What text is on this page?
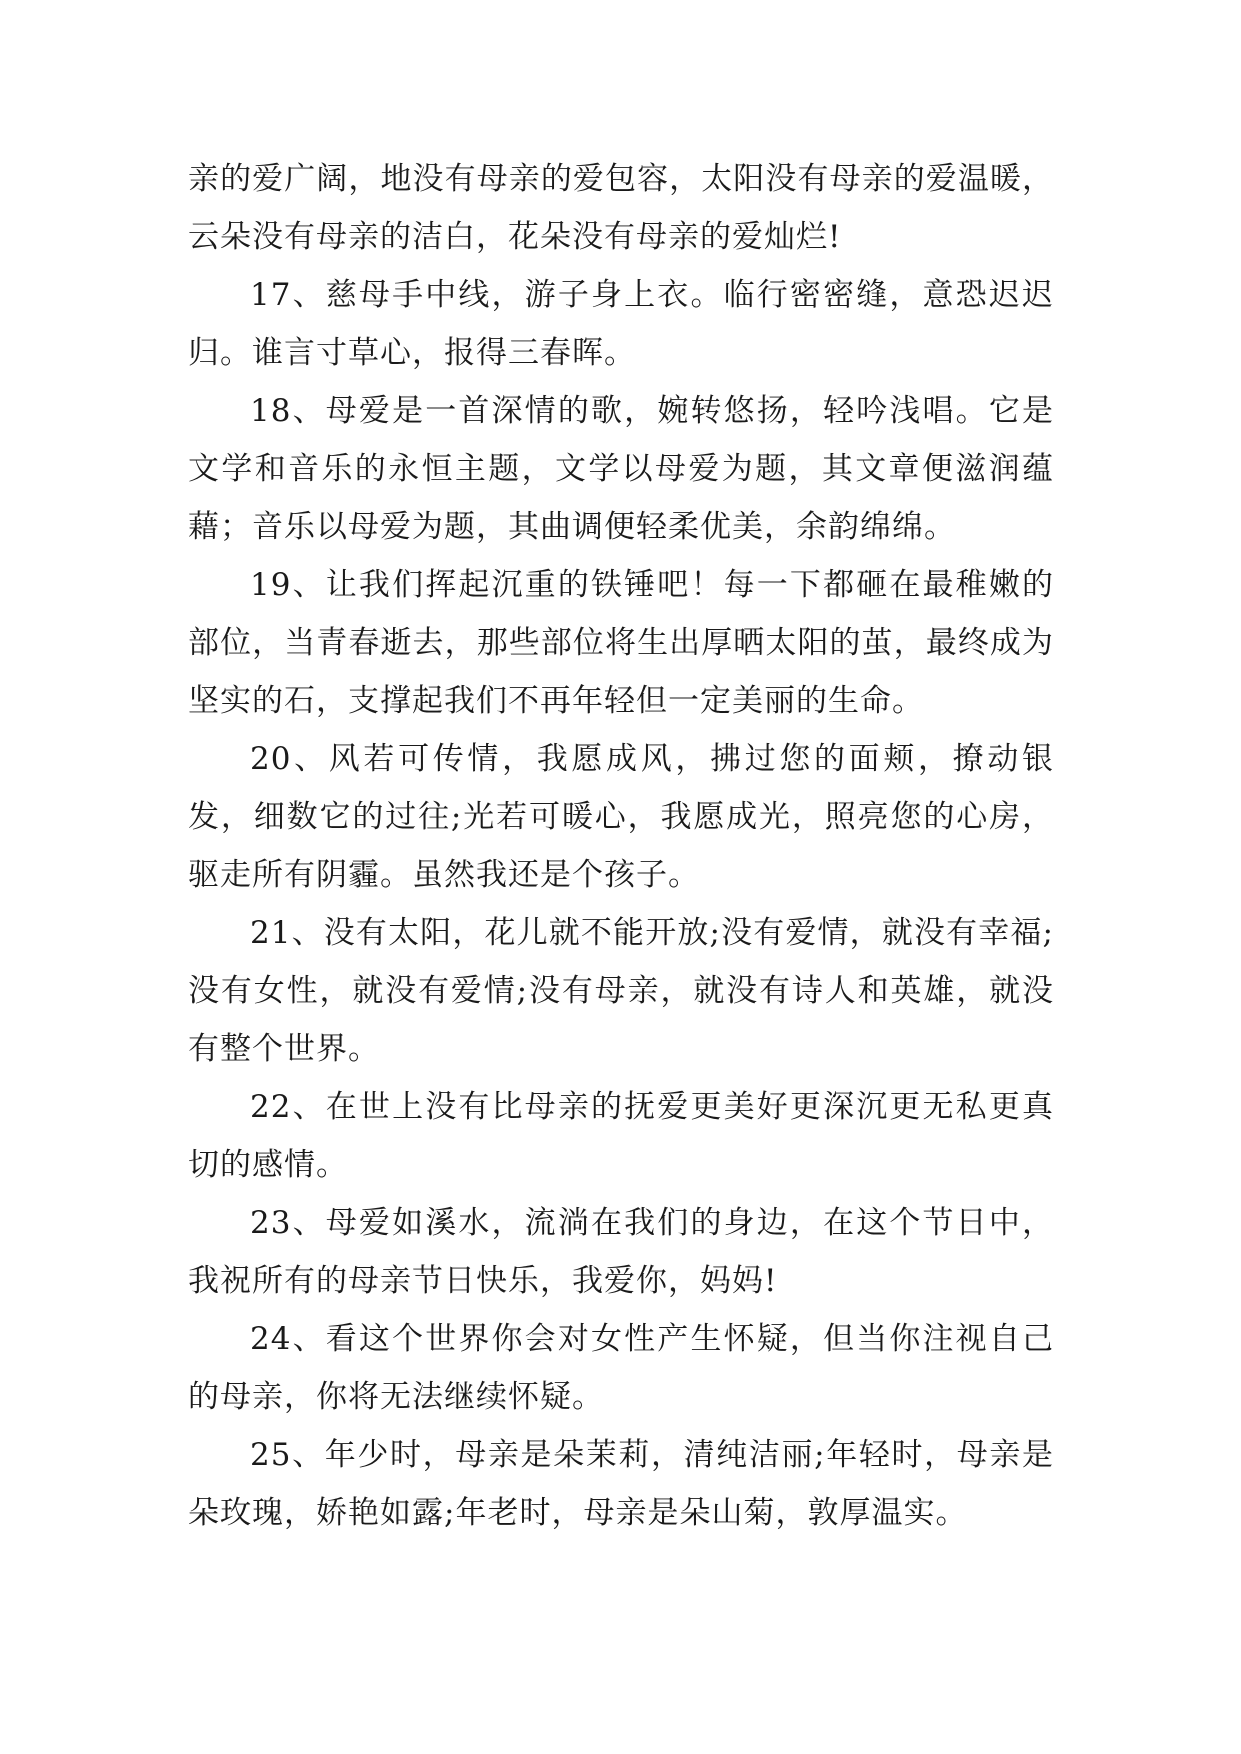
亲的爱广阔，地没有母亲的爱包容，太阳没有母亲的爱温暖，云朵没有母亲的洁白，花朵没有母亲的爱灿烂!

17、慈母手中线，游子身上衣。临行密密缝，意恐迟迟归。谁言寸草心，报得三春晖。

18、母爱是一首深情的歌，婉转悠扬，轻吟浅唱。它是文学和音乐的永恒主题，文学以母爱为题，其文章便滋润蕴藉；音乐以母爱为题，其曲调便轻柔优美，余韵绵绵。

19、让我们挥起沉重的铁锤吧！每一下都砸在最稚嫩的部位，当青春逝去，那些部位将生出厚晒太阳的茧，最终成为坚实的石，支撑起我们不再年轻但一定美丽的生命。

20、风若可传情，我愿成风，拂过您的面颊，撩动银发，细数它的过往;光若可暖心，我愿成光，照亮您的心房，驱走所有阴霾。虽然我还是个孩子。

21、没有太阳，花儿就不能开放;没有爱情，就没有幸福;没有女性，就没有爱情;没有母亲，就没有诗人和英雄，就没有整个世界。

22、在世上没有比母亲的抚爱更美好更深沉更无私更真切的感情。

23、母爱如溪水，流淌在我们的身边，在这个节日中，我祝所有的母亲节日快乐，我爱你，妈妈!

24、看这个世界你会对女性产生怀疑，但当你注视自己的母亲，你将无法继续怀疑。

25、年少时，母亲是朵茉莉，清纯洁丽;年轻时，母亲是朵玫瑰，娇艳如露;年老时，母亲是朵山菊，敦厚温实。
